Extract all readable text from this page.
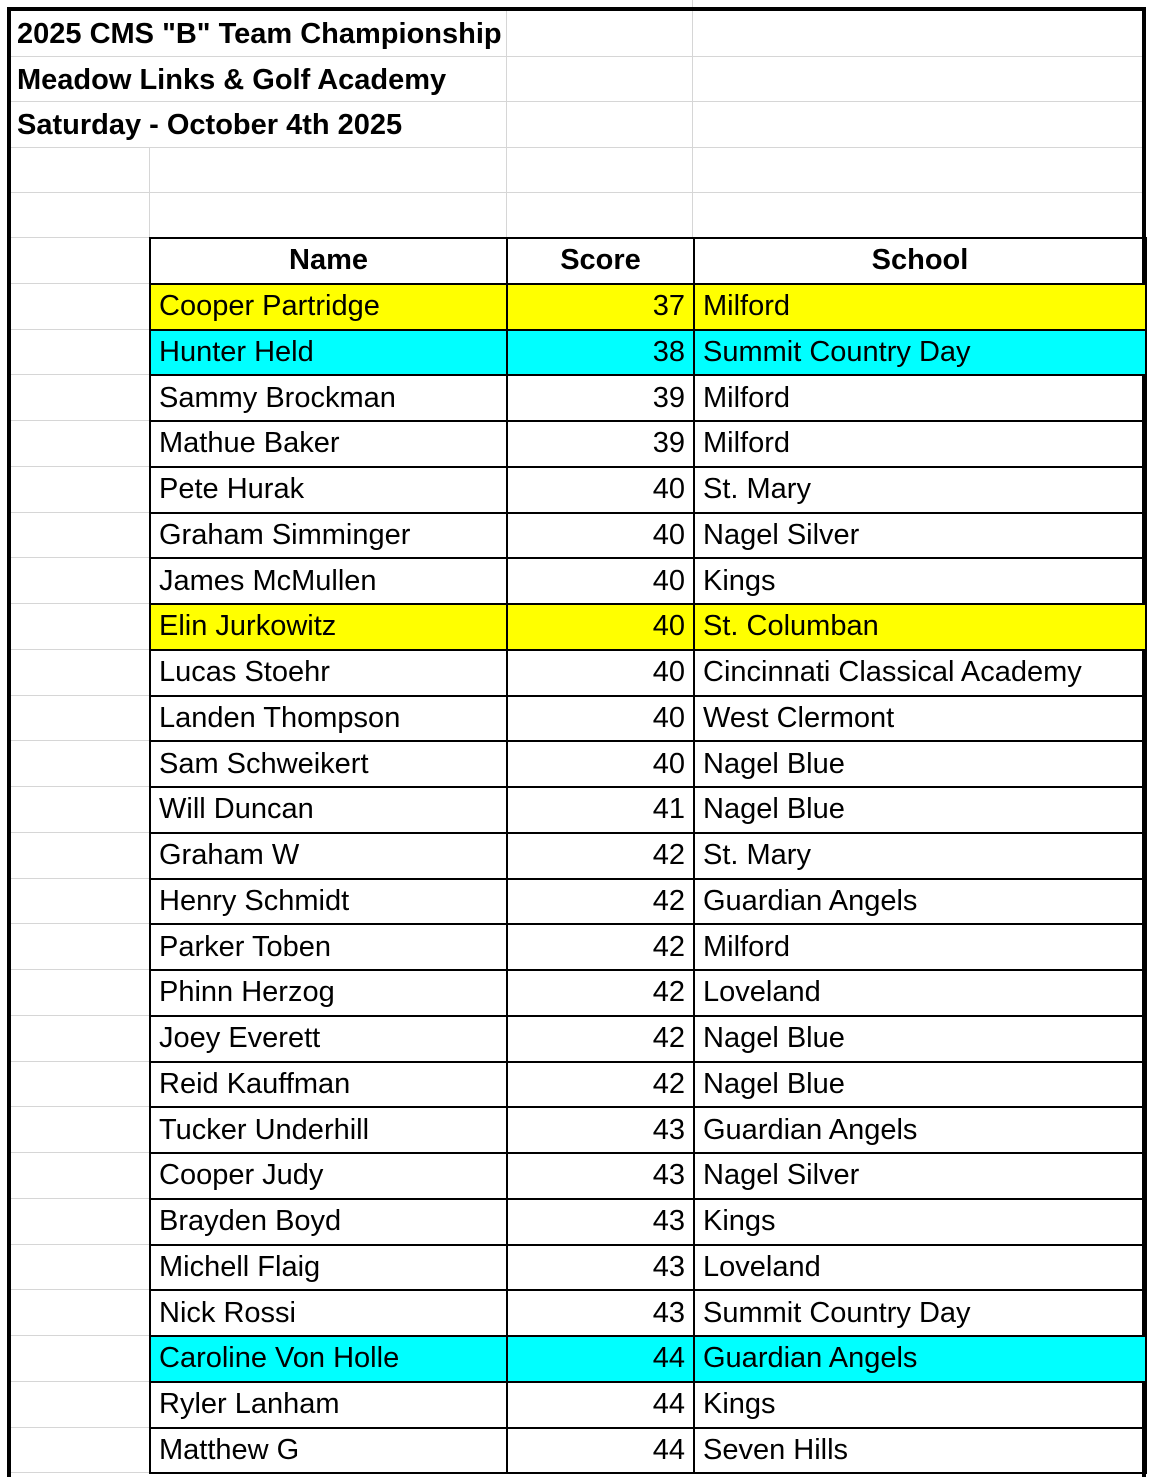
2025 CMS "B" Team Championship
Meadow Links & Golf Academy
Saturday - October 4th 2025
Name	Score	School
Cooper Partridge	37 Milford
Hunter Held	38 Summit Country Day
Sammy Brockman	39 Milford
Mathue Baker	39 Milford
Pete Hurak	40 St. Mary
Graham Simminger	40 Nagel Silver
James McMullen	40 Kings
Elin Jurkowitz	40 St. Columban
Lucas Stoehr	40 Cincinnati Classical Academy
Landen Thompson	40 West Clermont
Sam Schweikert	40 Nagel Blue
Will Duncan	41 Nagel Blue
Graham W	42 St. Mary
Henry Schmidt	42 Guardian Angels
Parker Toben	42 Milford
Phinn Herzog	42 Loveland
Joey Everett	42 Nagel Blue
Reid Kauffman	42 Nagel Blue
Tucker Underhill	43 Guardian Angels
Cooper Judy	43 Nagel Silver
Brayden Boyd	43 Kings
Michell Flaig	43 Loveland
Nick Rossi	43 Summit Country Day
Caroline Von Holle	44 Guardian Angels
Ryler Lanham	44 Kings
Matthew G	44 Seven Hills
